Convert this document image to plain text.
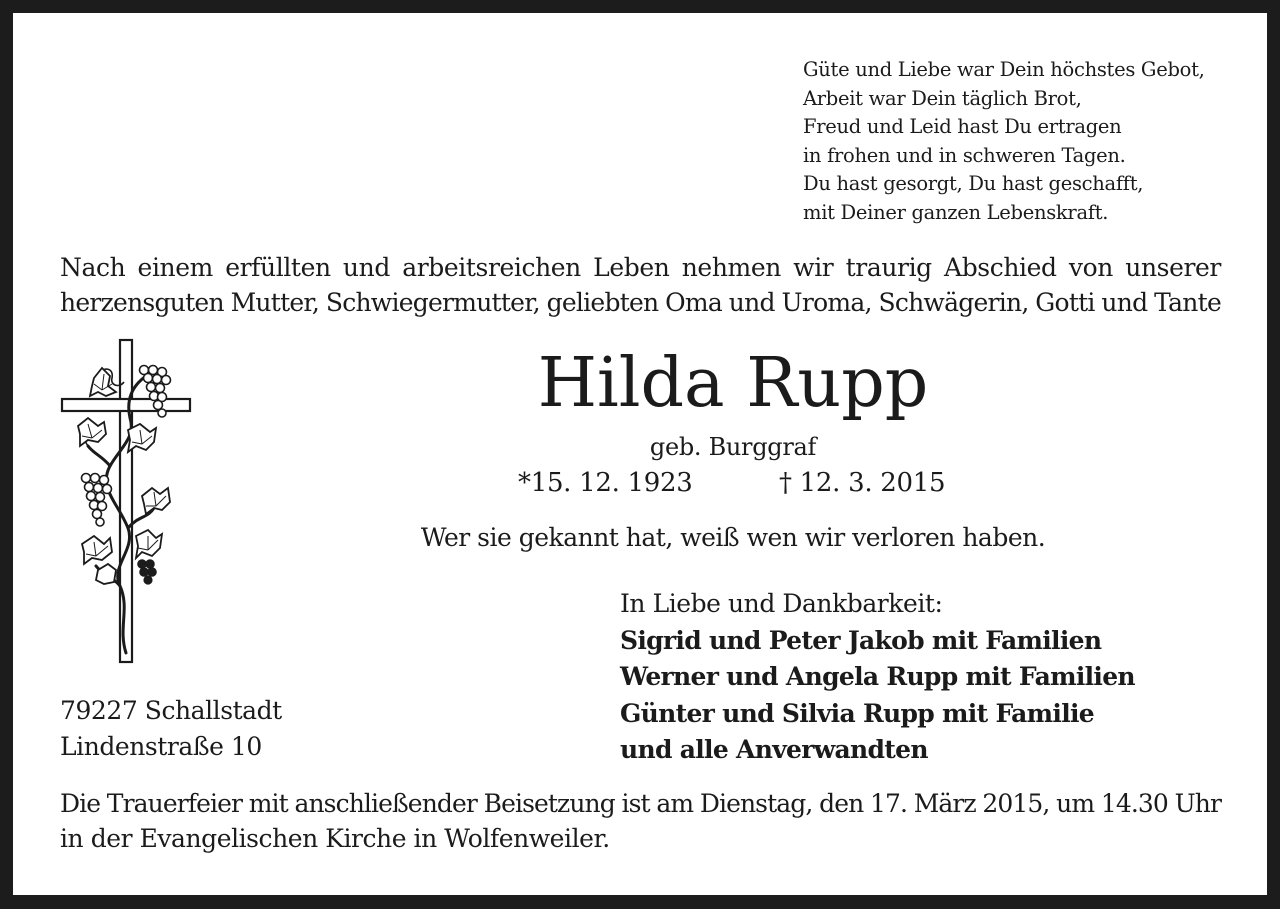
Güte und Liebe war Dein höchstes Gebot,
Arbeit war Dein täglich Brot,
Freud und Leid hast Du ertragen
in frohen und in schweren Tagen.
Du hast gesorgt, Du hast geschafft,
mit Deiner ganzen Lebenskraft.
Nach einem erfüllten und arbeitsreichen Leben nehmen wir traurig Abschied von unserer
herzensguten Mutter, Schwiegermutter, geliebten Oma und Uroma, Schwägerin, Gotti und Tante
Hilda Rupp
geb. Burggraf
*15. 12. 1923	† 12. 3. 2015
Wer sie gekannt hat, weiß wen wir verloren haben.
In Liebe und Dankbarkeit:
Sigrid und Peter Jakob mit Familien
Werner und Angela Rupp mit Familien
Günter und Silvia Rupp mit Familie
und alle Anverwandten
79227 Schallstadt
Lindenstraße 10
Die Trauerfeier mit anschließender Beisetzung ist am Dienstag, den 17. März 2015, um 14.30 Uhr
in der Evangelischen Kirche in Wolfenweiler.
